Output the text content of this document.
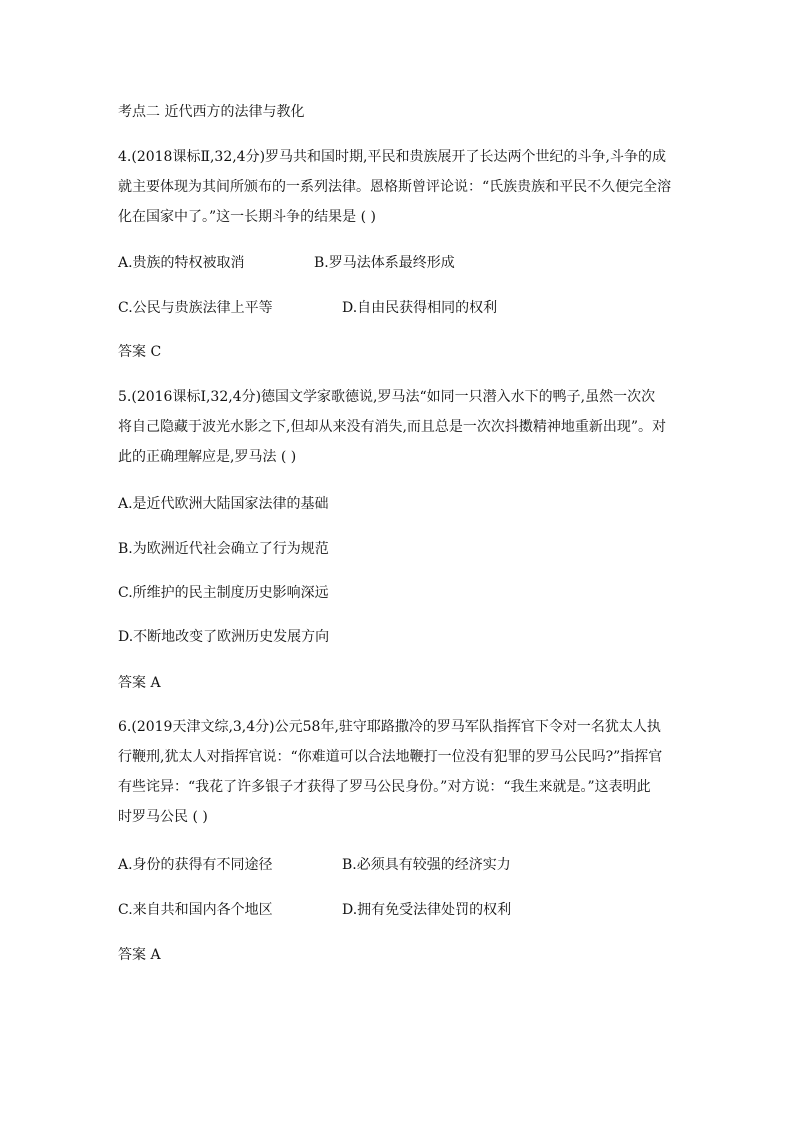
考点二 近代西方的法律与教化
4.(2018课标Ⅱ,32,4分)罗马共和国时期,平民和贵族展开了长达两个世纪的斗争,斗争的成
就主要体现为其间所颁布的一系列法律。恩格斯曾评论说：“氏族贵族和平民不久便完全溶
化在国家中了。”这一长期斗争的结果是 ( )
A.贵族的特权被取消	B.罗马法体系最终形成
C.公民与贵族法律上平等	D.自由民获得相同的权利
答案 C
5.(2016课标Ⅰ,32,4分)德国文学家歌德说,罗马法“如同一只潜入水下的鸭子,虽然一次次
将自己隐藏于波光水影之下,但却从来没有消失,而且总是一次次抖擞精神地重新出现”。对
此的正确理解应是,罗马法 ( )
A.是近代欧洲大陆国家法律的基础
B.为欧洲近代社会确立了行为规范
C.所维护的民主制度历史影响深远
D.不断地改变了欧洲历史发展方向
答案 A
6.(2019天津文综,3,4分)公元58年,驻守耶路撒冷的罗马军队指挥官下令对一名犹太人执
行鞭刑,犹太人对指挥官说：“你难道可以合法地鞭打一位没有犯罪的罗马公民吗?”指挥官
有些诧异：“我花了许多银子才获得了罗马公民身份。”对方说：“我生来就是。”这表明此
时罗马公民 ( )
A.身份的获得有不同途径	B.必须具有较强的经济实力
C.来自共和国内各个地区	D.拥有免受法律处罚的权利
答案 A
